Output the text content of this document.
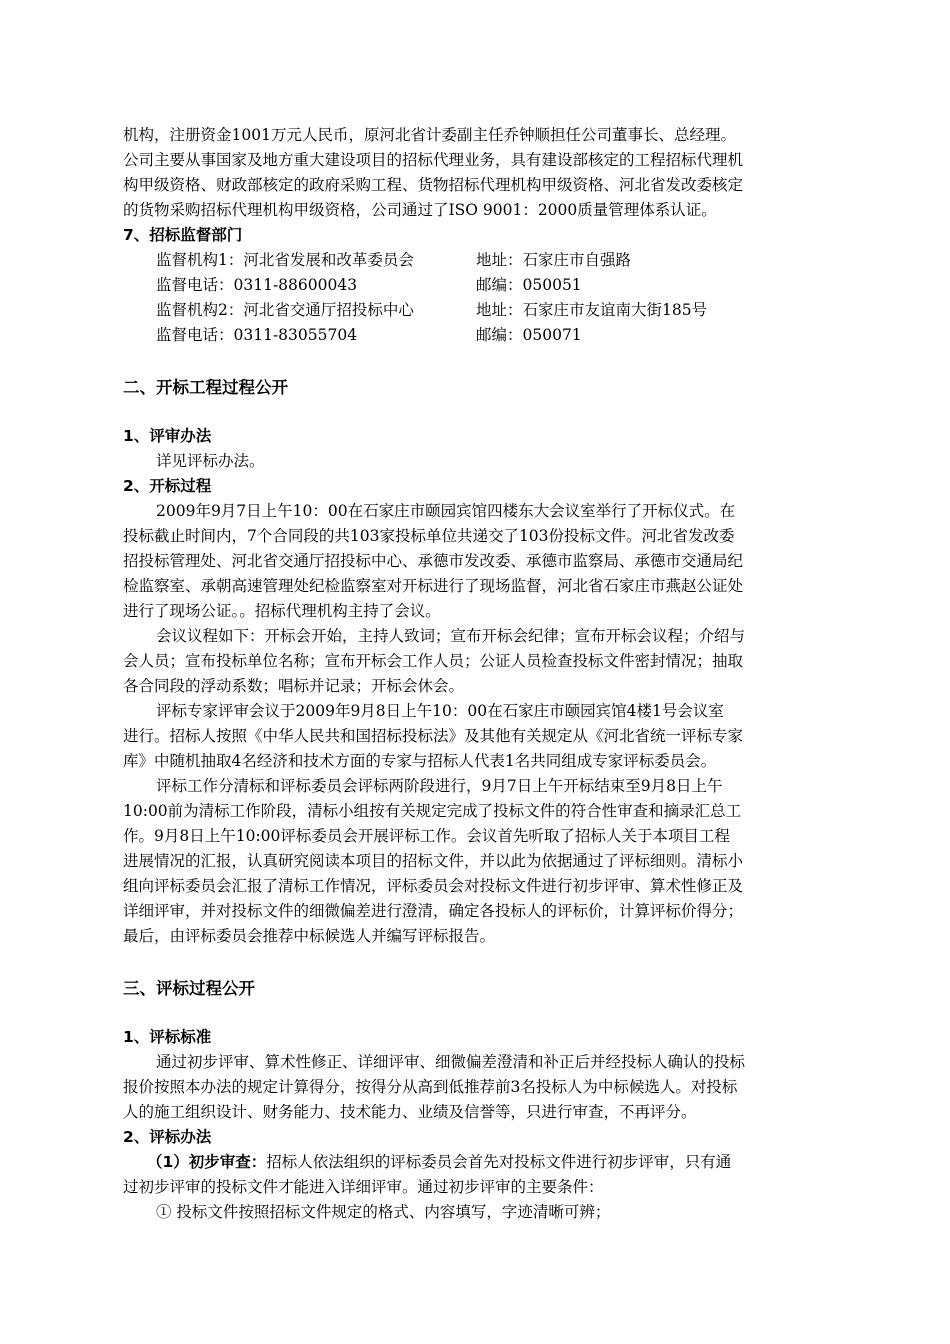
机构，注册资金1001万元人民币，原河北省计委副主任乔钟顺担任公司董事长、总经理。
公司主要从事国家及地方重大建设项目的招标代理业务，具有建设部核定的工程招标代理机
构甲级资格、财政部核定的政府采购工程、货物招标代理机构甲级资格、河北省发改委核定
的货物采购招标代理机构甲级资格，公司通过了ISO 9001：2000质量管理体系认证。
7、招标监督部门
监督机构1：河北省发展和改革委员会	地址：石家庄市自强路
监督电话：0311-88600043	邮编：050051
监督机构2：河北省交通厅招投标中心	地址：石家庄市友谊南大街185号
监督电话：0311-83055704	邮编：050071
二、开标工程过程公开
1、评审办法
详见评标办法。
2、开标过程
2009年9月7日上午10：00在石家庄市颐园宾馆四楼东大会议室举行了开标仪式。在
投标截止时间内，7个合同段的共103家投标单位共递交了103份投标文件。河北省发改委
招投标管理处、河北省交通厅招投标中心、承德市发改委、承德市监察局、承德市交通局纪
检监察室、承朝高速管理处纪检监察室对开标进行了现场监督，河北省石家庄市燕赵公证处
进行了现场公证。。招标代理机构主持了会议。
会议议程如下：开标会开始，主持人致词；宣布开标会纪律；宣布开标会议程；介绍与
会人员；宣布投标单位名称；宣布开标会工作人员；公证人员检查投标文件密封情况；抽取
各合同段的浮动系数；唱标并记录；开标会休会。
评标专家评审会议于2009年9月8日上午10：00在石家庄市颐园宾馆4楼1号会议室
进行。招标人按照《中华人民共和国招标投标法》及其他有关规定从《河北省统一评标专家
库》中随机抽取4名经济和技术方面的专家与招标人代表1名共同组成专家评标委员会。
评标工作分清标和评标委员会评标两阶段进行，9月7日上午开标结束至9月8日上午
10:00前为清标工作阶段，清标小组按有关规定完成了投标文件的符合性审查和摘录汇总工
作。9月8日上午10:00评标委员会开展评标工作。会议首先听取了招标人关于本项目工程
进展情况的汇报，认真研究阅读本项目的招标文件，并以此为依据通过了评标细则。清标小
组向评标委员会汇报了清标工作情况，评标委员会对投标文件进行初步评审、算术性修正及
详细评审，并对投标文件的细微偏差进行澄清，确定各投标人的评标价，计算评标价得分；
最后，由评标委员会推荐中标候选人并编写评标报告。
三、评标过程公开
1、评标标准
通过初步评审、算术性修正、详细评审、细微偏差澄清和补正后并经投标人确认的投标
报价按照本办法的规定计算得分，按得分从高到低推荐前3名投标人为中标候选人。对投标
人的施工组织设计、财务能力、技术能力、业绩及信誉等，只进行审查，不再评分。
2、评标办法
（1）初步审查：招标人依法组织的评标委员会首先对投标文件进行初步评审，只有通
过初步评审的投标文件才能进入详细评审。通过初步评审的主要条件：
① 投标文件按照招标文件规定的格式、内容填写，字迹清晰可辨；
